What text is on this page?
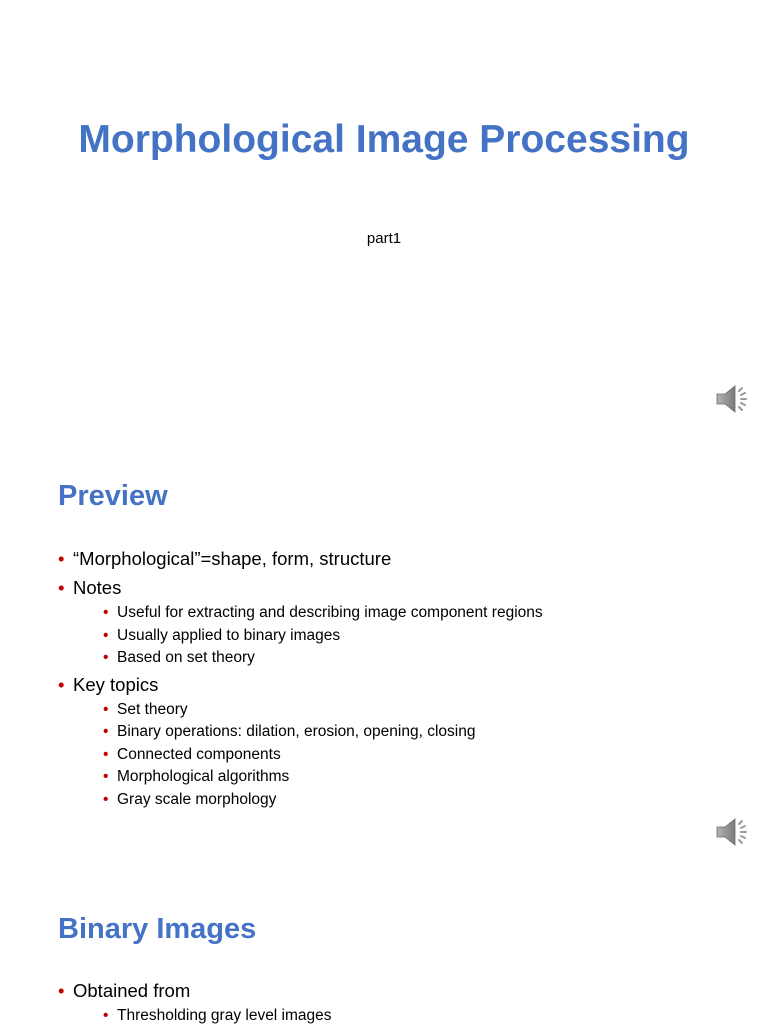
Morphological Image Processing
part1
Preview
• “Morphological”=shape, form, structure
• Notes
• Useful for extracting and describing image component regions
• Usually applied to binary images
• Based on set theory
• Key topics
• Set theory
• Binary operations: dilation, erosion, opening, closing
• Connected components
• Morphological algorithms
• Gray scale morphology
Binary Images
• Obtained from
• Thresholding gray level images
